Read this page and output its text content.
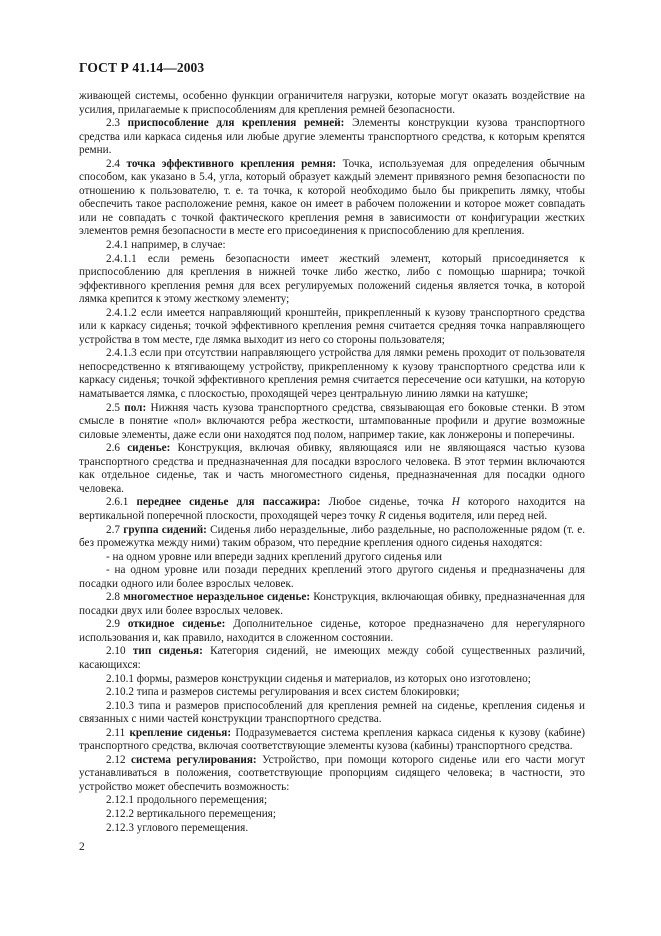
ГОСТ Р 41.14—2003

живающей системы, особенно функции ограничителя нагрузки, которые могут оказать воздействие на усилия, прилагаемые к приспособлениям для крепления ремней безопасности.

2.3 приспособление для крепления ремней: Элементы конструкции кузова транспортного средства или каркаса сиденья или любые другие элементы транспортного средства, к которым крепятся ремни.

2.4 точка эффективного крепления ремня: Точка, используемая для определения обычным способом, как указано в 5.4, угла, который образует каждый элемент привязного ремня безопасности по отношению к пользователю, т. е. та точка, к которой необходимо было бы прикрепить лямку, чтобы обеспечить такое расположение ремня, какое он имеет в рабочем положении и которое может совпадать или не совпадать с точкой фактического крепления ремня в зависимости от конфигурации жестких элементов ремня безопасности в месте его присоединения к приспособлению для крепления.

2.4.1 например, в случае:

2.4.1.1 если ремень безопасности имеет жесткий элемент, который присоединяется к приспособлению для крепления в нижней точке либо жестко, либо с помощью шарнира; точкой эффективного крепления ремня для всех регулируемых положений сиденья является точка, в которой лямка крепится к этому жесткому элементу;

2.4.1.2 если имеется направляющий кронштейн, прикрепленный к кузову транспортного средства или к каркасу сиденья; точкой эффективного крепления ремня считается средняя точка направляющего устройства в том месте, где лямка выходит из него со стороны пользователя;

2.4.1.3 если при отсутствии направляющего устройства для лямки ремень проходит от пользователя непосредственно к втягивающему устройству, прикрепленному к кузову транспортного средства или к каркасу сиденья; точкой эффективного крепления ремня считается пересечение оси катушки, на которую наматывается лямка, с плоскостью, проходящей через центральную линию лямки на катушке;

2.5 пол: Нижняя часть кузова транспортного средства, связывающая его боковые стенки. В этом смысле в понятие «пол» включаются ребра жесткости, штампованные профили и другие возможные силовые элементы, даже если они находятся под полом, например такие, как лонжероны и поперечины.

2.6 сиденье: Конструкция, включая обивку, являющаяся или не являющаяся частью кузова транспортного средства и предназначенная для посадки взрослого человека. В этот термин включаются как отдельное сиденье, так и часть многоместного сиденья, предназначенная для посадки одного человека.

2.6.1 переднее сиденье для пассажира: Любое сиденье, точка H которого находится на вертикальной поперечной плоскости, проходящей через точку R сиденья водителя, или перед ней.

2.7 группа сидений: Сиденья либо нераздельные, либо раздельные, но расположенные рядом (т. е. без промежутка между ними) таким образом, что передние крепления одного сиденья находятся:

- на одном уровне или впереди задних креплений другого сиденья или

- на одном уровне или позади передних креплений этого другого сиденья и предназначены для посадки одного или более взрослых человек.

2.8 многоместное нераздельное сиденье: Конструкция, включающая обивку, предназначенная для посадки двух или более взрослых человек.

2.9 откидное сиденье: Дополнительное сиденье, которое предназначено для нерегулярного использования и, как правило, находится в сложенном состоянии.

2.10 тип сиденья: Категория сидений, не имеющих между собой существенных различий, касающихся:

2.10.1 формы, размеров конструкции сиденья и материалов, из которых оно изготовлено;

2.10.2 типа и размеров системы регулирования и всех систем блокировки;

2.10.3 типа и размеров приспособлений для крепления ремней на сиденье, крепления сиденья и связанных с ними частей конструкции транспортного средства.

2.11 крепление сиденья: Подразумевается система крепления каркаса сиденья к кузову (кабине) транспортного средства, включая соответствующие элементы кузова (кабины) транспортного средства.

2.12 система регулирования: Устройство, при помощи которого сиденье или его части могут устанавливаться в положения, соответствующие пропорциям сидящего человека; в частности, это устройство может обеспечить возможность:

2.12.1 продольного перемещения;

2.12.2 вертикального перемещения;

2.12.3 углового перемещения.

2
